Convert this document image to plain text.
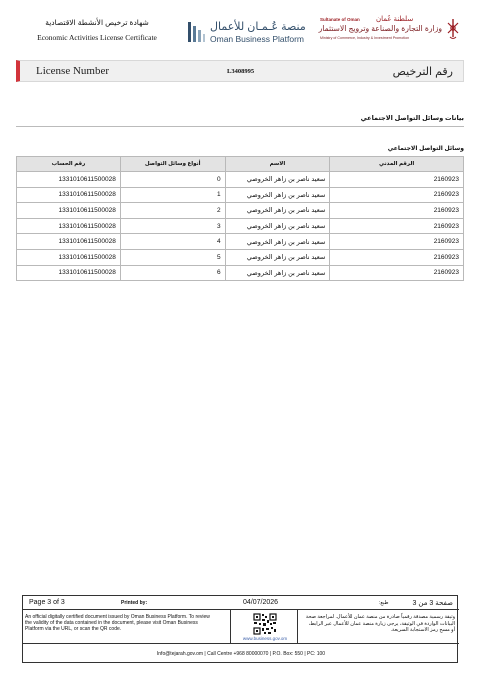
شهادة ترخيص الأنشطة الاقتصادية
Economic Activities License Certificate
منصة عُـمـان للأعمال
Oman Business Platform
Sultanate of Oman سلطنة عُمان
وزارة التجارة والصناعة وترويج الاستثمار
Ministry of Commerce, Industry & Investment Promotion
License Number	L3408995	رقم الترخيص
بيانات وسائل التواصل الاجتماعي
وسائل التواصل الاجتماعي
رقم الحساب	أنواع وسائل التواصل	الاسم	الرقم المدني
1331010611500028	0	سعيد ناصر بن زاهر الخروصي	2160923
1331010611500028	1	سعيد ناصر بن زاهر الخروصي	2160923
1331010611500028	2	سعيد ناصر بن زاهر الخروصي	2160923
1331010611500028	3	سعيد ناصر بن زاهر الخروصي	2160923
1331010611500028	4	سعيد ناصر بن زاهر الخروصي	2160923
1331010611500028	5	سعيد ناصر بن زاهر الخروصي	2160923
1331010611500028	6	سعيد ناصر بن زاهر الخروصي	2160923
Page 3 of 3	Printed by:	04/07/2026	طبع:	صفحة 3 من 3
An official digitally certified document issued by Oman Business Platform. To review the validity of the data contained in the document, please visit Oman Business Platform via the URL, or scan the QR code.
www.business.gov.om
وثيقة رسمية مصدقة رقمياً صادرة من منصة عمان للأعمال. لمراجعة صحة البيانات الواردة في الوثيقة، يرجى زيارة منصة عمان للأعمال عبر الرابط، أو مسح رمز الاستجابة السريعة.
Info@tejarah.gov.om | Call Centre +968 80000070 | P.O. Box: 550 | PC: 100
